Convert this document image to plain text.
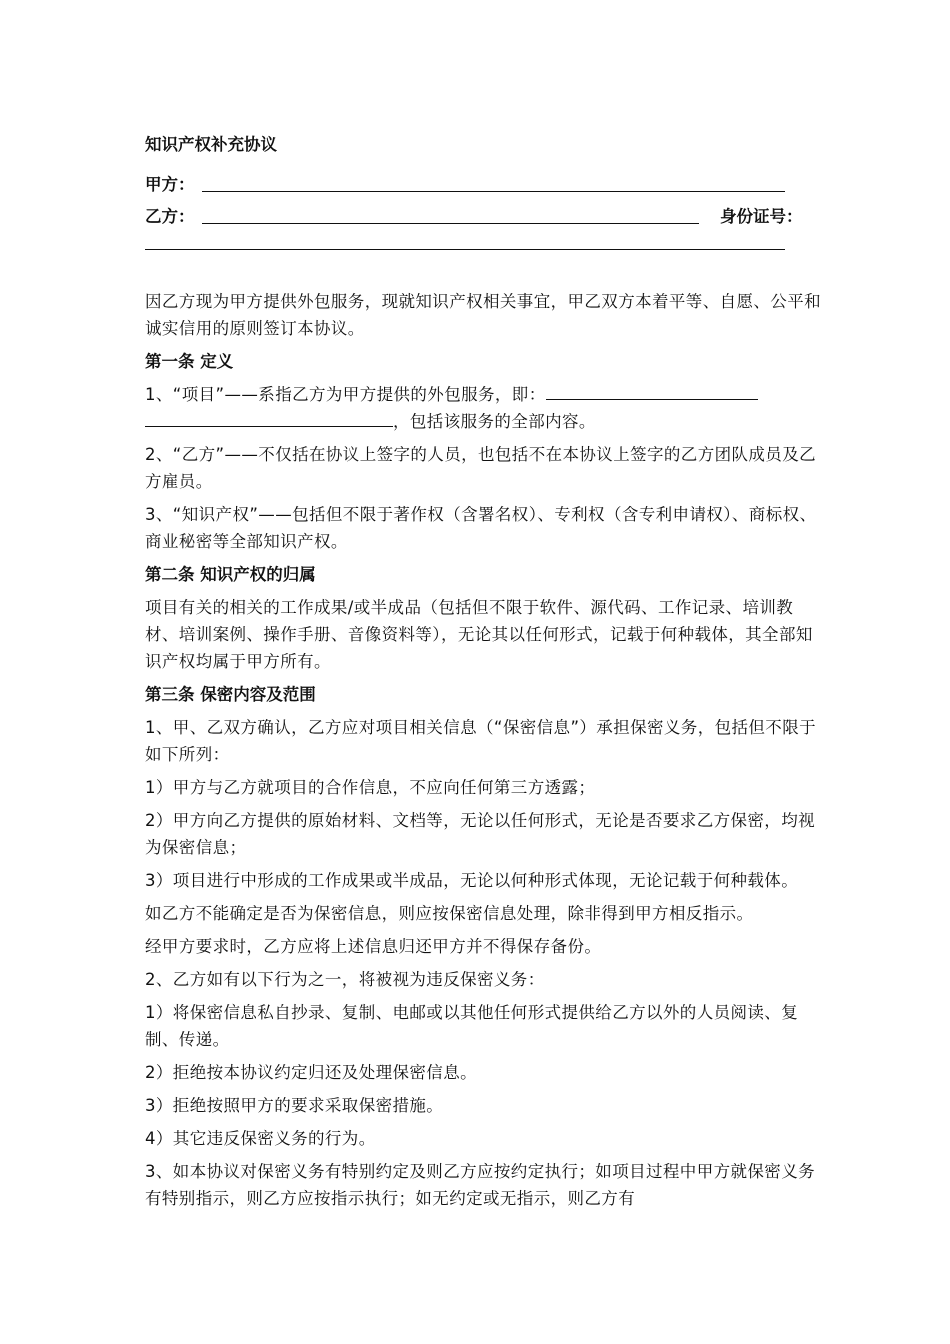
知识产权补充协议

甲方：
乙方：	身份证号：

因乙方现为甲方提供外包服务，现就知识产权相关事宜，甲乙双方本着平等、自愿、公平和诚实信用的原则签订本协议。

第一条 定义

1、“项目”——系指乙方为甲方提供的外包服务，即：
，包括该服务的全部内容。

2、“乙方”——不仅括在协议上签字的人员，也包括不在本协议上签字的乙方团队成员及乙方雇员。

3、“知识产权”——包括但不限于著作权（含署名权）、专利权（含专利申请权）、商标权、商业秘密等全部知识产权。

第二条 知识产权的归属

项目有关的相关的工作成果/或半成品（包括但不限于软件、源代码、工作记录、培训教材、培训案例、操作手册、音像资料等），无论其以任何形式，记载于何种载体，其全部知识产权均属于甲方所有。

第三条 保密内容及范围

1、甲、乙双方确认，乙方应对项目相关信息（“保密信息”）承担保密义务，包括但不限于如下所列：

1）甲方与乙方就项目的合作信息，不应向任何第三方透露；

2）甲方向乙方提供的原始材料、文档等，无论以任何形式，无论是否要求乙方保密，均视为保密信息；

3）项目进行中形成的工作成果或半成品，无论以何种形式体现，无论记载于何种载体。

如乙方不能确定是否为保密信息，则应按保密信息处理，除非得到甲方相反指示。

经甲方要求时，乙方应将上述信息归还甲方并不得保存备份。

2、乙方如有以下行为之一，将被视为违反保密义务：

1）将保密信息私自抄录、复制、电邮或以其他任何形式提供给乙方以外的人员阅读、复制、传递。

2）拒绝按本协议约定归还及处理保密信息。

3）拒绝按照甲方的要求采取保密措施。

4）其它违反保密义务的行为。

3、如本协议对保密义务有特别约定及则乙方应按约定执行；如项目过程中甲方就保密义务有特别指示，则乙方应按指示执行；如无约定或无指示，则乙方有
